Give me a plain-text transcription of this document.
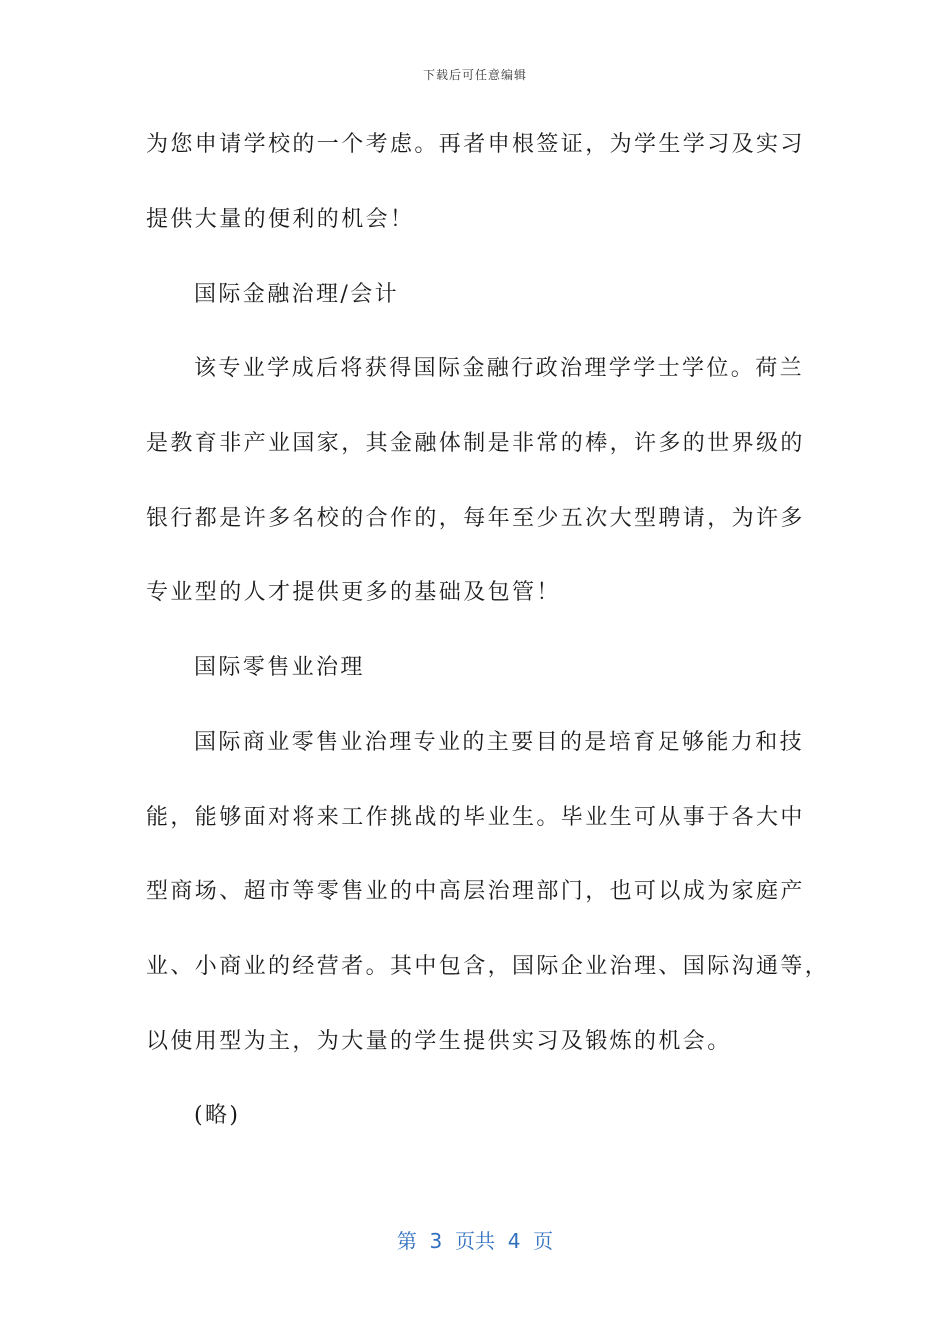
下载后可任意编辑
为您申请学校的一个考虑。再者申根签证，为学生学习及实习
提供大量的便利的机会！
国际金融治理/会计
该专业学成后将获得国际金融行政治理学学士学位。荷兰
是教育非产业国家，其金融体制是非常的棒，许多的世界级的
银行都是许多名校的合作的，每年至少五次大型聘请，为许多
专业型的人才提供更多的基础及包管！
国际零售业治理
国际商业零售业治理专业的主要目的是培育足够能力和技
能，能够面对将来工作挑战的毕业生。毕业生可从事于各大中
型商场、超市等零售业的中高层治理部门，也可以成为家庭产
业、小商业的经营者。其中包含，国际企业治理、国际沟通等，
以使用型为主，为大量的学生提供实习及锻炼的机会。
(略)
第  3  页共  4  页
